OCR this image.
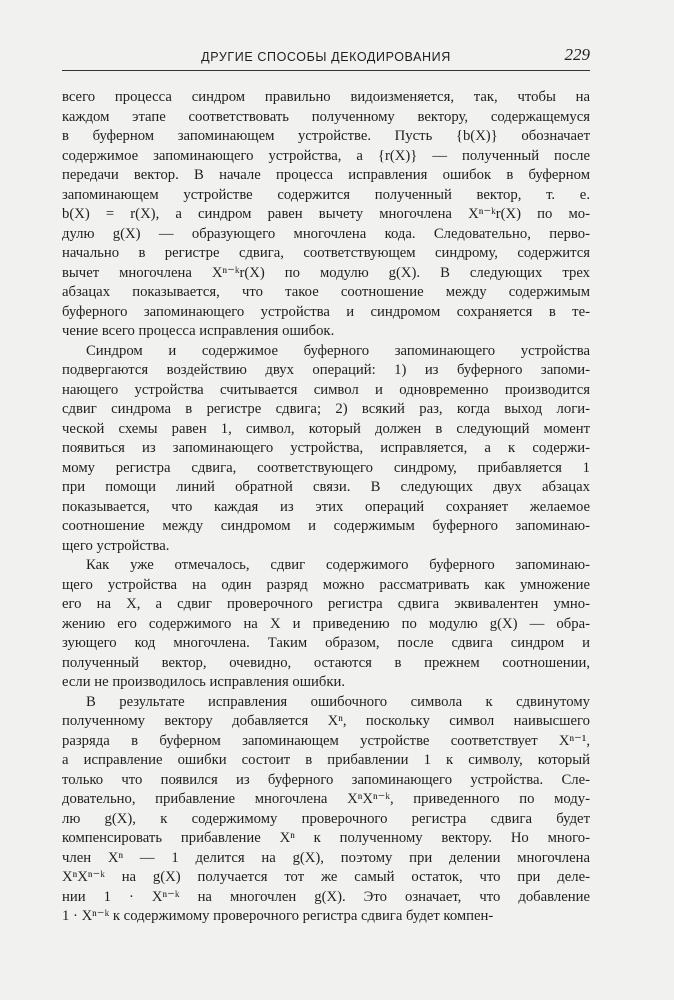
ДРУГИЕ СПОСОБЫ ДЕКОДИРОВАНИЯ	229
всего процесса синдром правильно видоизменяется, так, чтобы на
каждом этапе соответствовать полученному вектору, содержащемуся
в буферном запоминающем устройстве. Пусть {b(X)} обозначает
содержимое запоминающего устройства, а {r(X)} — полученный после
передачи вектор. В начале процесса исправления ошибок в буферном
запоминающем устройстве содержится полученный вектор, т. е.
b(X) = r(X), а синдром равен вычету многочлена Xⁿ⁻ᵏr(X) по мо-
дулю g(X) — образующего многочлена кода. Следовательно, перво-
начально в регистре сдвига, соответствующем синдрому, содержится
вычет многочлена Xⁿ⁻ᵏr(X) по модулю g(X). В следующих трех
абзацах показывается, что такое соотношение между содержимым
буферного запоминающего устройства и синдромом сохраняется в те-
чение всего процесса исправления ошибок.
Синдром и содержимое буферного запоминающего устройства
подвергаются воздействию двух операций: 1) из буферного запоми-
нающего устройства считывается символ и одновременно производится
сдвиг синдрома в регистре сдвига; 2) всякий раз, когда выход логи-
ческой схемы равен 1, символ, который должен в следующий момент
появиться из запоминающего устройства, исправляется, а к содержи-
мому регистра сдвига, соответствующего синдрому, прибавляется 1
при помощи линий обратной связи. В следующих двух абзацах
показывается, что каждая из этих операций сохраняет желаемое
соотношение между синдромом и содержимым буферного запоминаю-
щего устройства.
Как уже отмечалось, сдвиг содержимого буферного запоминаю-
щего устройства на один разряд можно рассматривать как умножение
его на X, а сдвиг проверочного регистра сдвига эквивалентен умно-
жению его содержимого на X и приведению по модулю g(X) — обра-
зующего код многочлена. Таким образом, после сдвига синдром и
полученный вектор, очевидно, остаются в прежнем соотношении,
если не производилось исправления ошибки.
В результате исправления ошибочного символа к сдвинутому
полученному вектору добавляется Xⁿ, поскольку символ наивысшего
разряда в буферном запоминающем устройстве соответствует Xⁿ⁻¹,
а исправление ошибки состоит в прибавлении 1 к символу, который
только что появился из буферного запоминающего устройства. Сле-
довательно, прибавление многочлена XⁿXⁿ⁻ᵏ, приведенного по моду-
лю g(X), к содержимому проверочного регистра сдвига будет
компенсировать прибавление Xⁿ к полученному вектору. Но много-
член Xⁿ — 1 делится на g(X), поэтому при делении многочлена
XⁿXⁿ⁻ᵏ на g(X) получается тот же самый остаток, что при деле-
нии 1 · Xⁿ⁻ᵏ на многочлен g(X). Это означает, что добавление
1 · Xⁿ⁻ᵏ к содержимому проверочного регистра сдвига будет компен-
